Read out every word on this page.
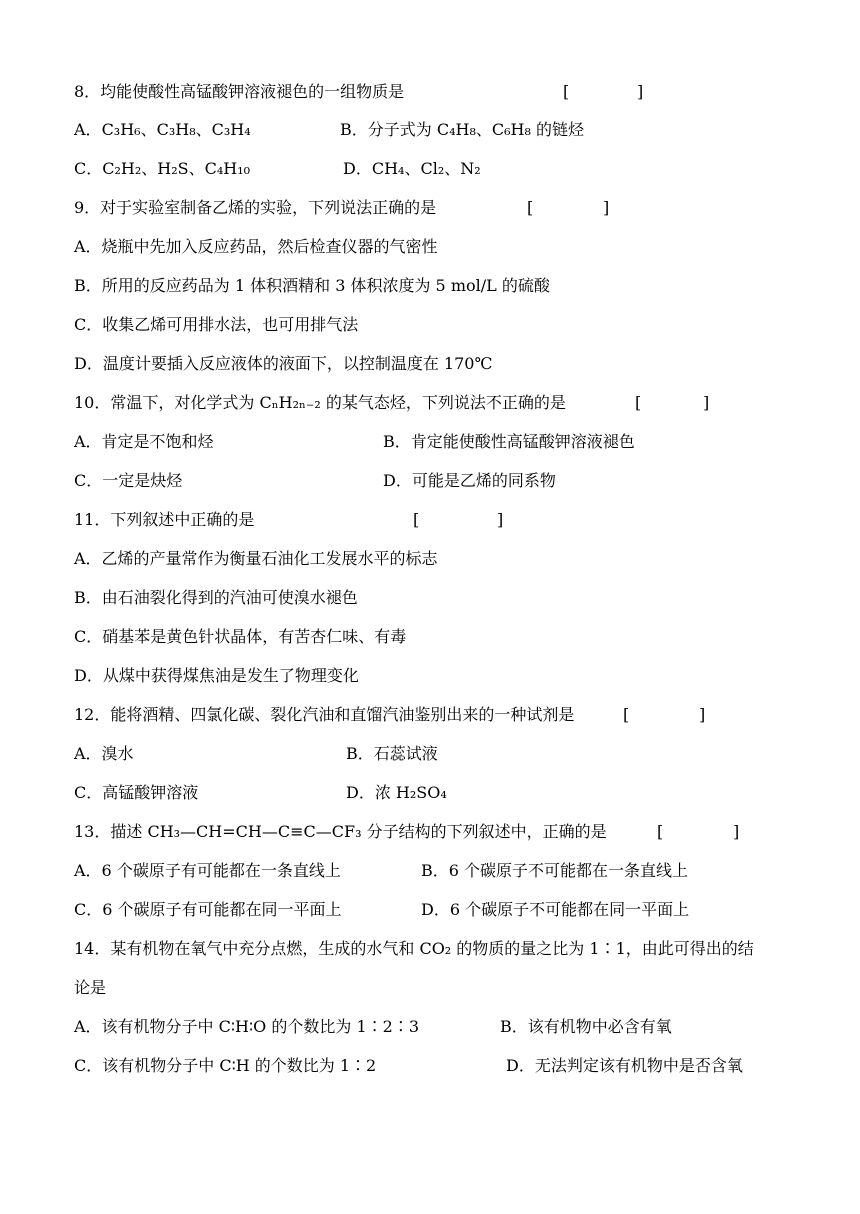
8．均能使酸性高锰酸钾溶液褪色的一组物质是	[	]
A．C₃H₆、C₃H₈、C₃H₄	B．分子式为 C₄H₈、C₆H₈ 的链烃
C．C₂H₂、H₂S、C₄H₁₀	D．CH₄、Cl₂、N₂
9．对于实验室制备乙烯的实验，下列说法正确的是	[	]
A．烧瓶中先加入反应药品，然后检查仪器的气密性
B．所用的反应药品为 1 体积酒精和 3 体积浓度为 5 mol/L 的硫酸
C．收集乙烯可用排水法，也可用排气法
D．温度计要插入反应液体的液面下，以控制温度在 170℃
10．常温下，对化学式为 CₙH₂ₙ₋₂ 的某气态烃，下列说法不正确的是	[	]
A．肯定是不饱和烃	B．肯定能使酸性高锰酸钾溶液褪色
C．一定是炔烃	D．可能是乙烯的同系物
11．下列叙述中正确的是	[	]
A．乙烯的产量常作为衡量石油化工发展水平的标志
B．由石油裂化得到的汽油可使溴水褪色
C．硝基苯是黄色针状晶体，有苦杏仁味、有毒
D．从煤中获得煤焦油是发生了物理变化
12．能将酒精、四氯化碳、裂化汽油和直馏汽油鉴别出来的一种试剂是	[	]
A．溴水	B．石蕊试液
C．高锰酸钾溶液	D．浓 H₂SO₄
13．描述 CH₃—CH=CH—C≡C—CF₃ 分子结构的下列叙述中，正确的是	[	]
A．6 个碳原子有可能都在一条直线上	B．6 个碳原子不可能都在一条直线上
C．6 个碳原子有可能都在同一平面上	D．6 个碳原子不可能都在同一平面上
14．某有机物在氧气中充分点燃，生成的水气和 CO₂ 的物质的量之比为 1∶1，由此可得出的结
论是
A．该有机物分子中 C∶H∶O 的个数比为 1∶2∶3	B．该有机物中必含有氧
C．该有机物分子中 C∶H 的个数比为 1∶2	D．无法判定该有机物中是否含氧
